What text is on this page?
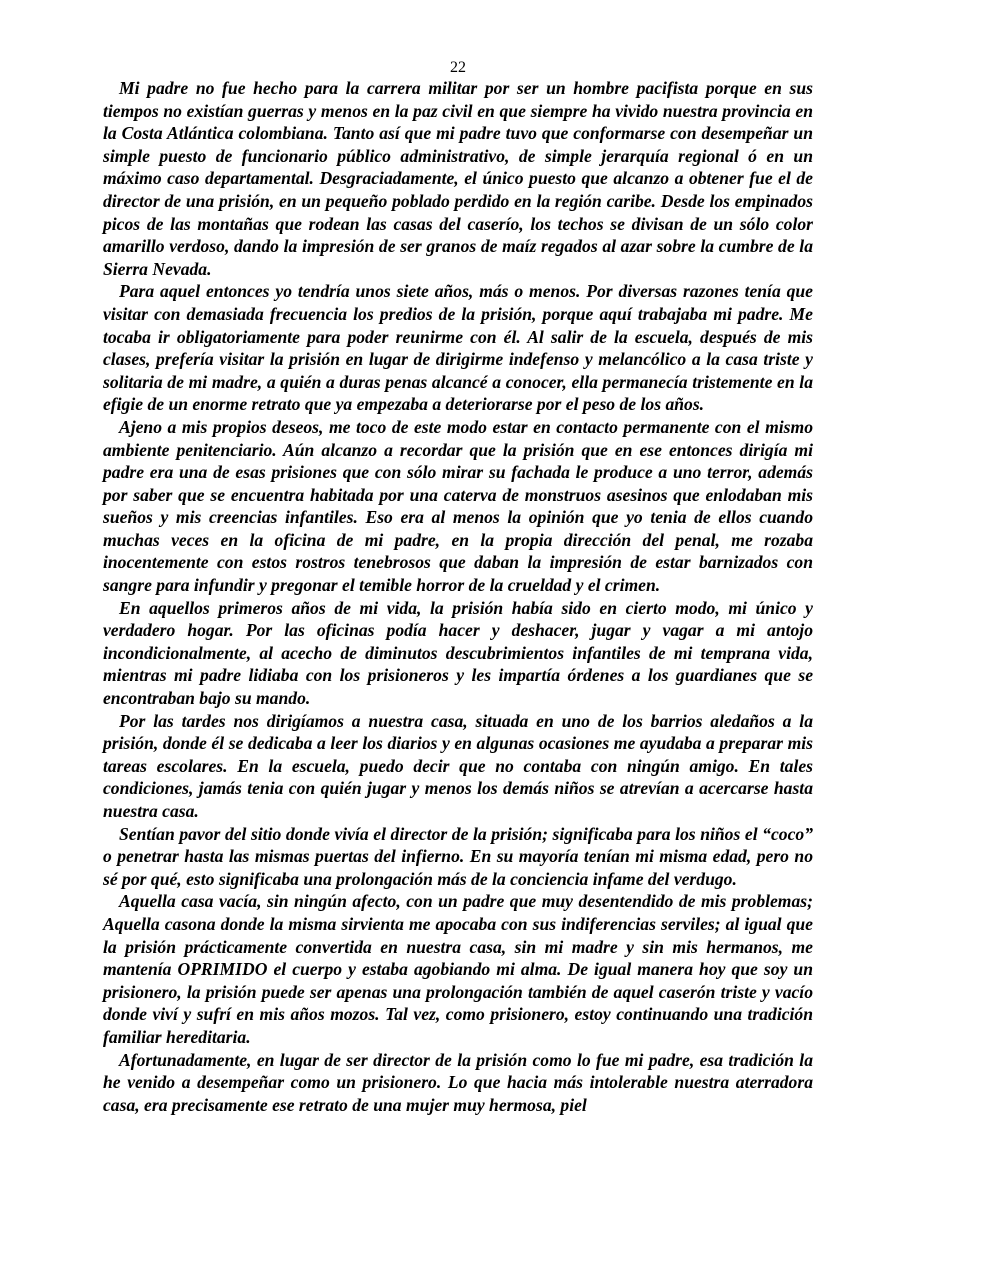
22

Mi padre no fue hecho para la carrera militar por ser un hombre pacifista porque en sus tiempos no existían guerras y menos en la paz civil en que siempre ha vivido nuestra provincia en la Costa Atlántica colombiana. Tanto así que mi padre tuvo que conformarse con desempeñar un simple puesto de funcionario público administrativo, de simple jerarquía regional ó en un máximo caso departamental. Desgraciadamente, el único puesto que alcanzo a obtener fue el de director de una prisión, en un pequeño poblado perdido en la región caribe. Desde los empinados picos de las montañas que rodean las casas del caserío, los techos se divisan de un sólo color amarillo verdoso, dando la impresión de ser granos de maíz regados al azar sobre la cumbre de la Sierra Nevada.

Para aquel entonces yo tendría unos siete años, más o menos. Por diversas razones tenía que visitar con demasiada frecuencia los predios de la prisión, porque aquí trabajaba mi padre. Me tocaba ir obligatoriamente para poder reunirme con él. Al salir de la escuela, después de mis clases, prefería visitar la prisión en lugar de dirigirme indefenso y melancólico a la casa triste y solitaria de mi madre, a quién a duras penas alcancé a conocer, ella permanecía tristemente en la efigie de un enorme retrato que ya empezaba a deteriorarse por el peso de los años.

Ajeno a mis propios deseos, me toco de este modo estar en contacto permanente con el mismo ambiente penitenciario. Aún alcanzo a recordar que la prisión que en ese entonces dirigía mi padre era una de esas prisiones que con sólo mirar su fachada le produce a uno terror, además por saber que se encuentra habitada por una caterva de monstruos asesinos que enlodaban mis sueños y mis creencias infantiles. Eso era al menos la opinión que yo tenia de ellos cuando muchas veces en la oficina de mi padre, en la propia dirección del penal, me rozaba inocentemente con estos rostros tenebrosos que daban la impresión de estar barnizados con sangre para infundir y pregonar el temible horror de la crueldad y el crimen.

En aquellos primeros años de mi vida, la prisión había sido en cierto modo, mi único y verdadero hogar. Por las oficinas podía hacer y deshacer, jugar y vagar a mi antojo incondicionalmente, al acecho de diminutos descubrimientos infantiles de mi temprana vida, mientras mi padre lidiaba con los prisioneros y les impartía órdenes a los guardianes que se encontraban bajo su mando.

Por las tardes nos dirigíamos a nuestra casa, situada en uno de los barrios aledaños a la prisión, donde él se dedicaba a leer los diarios y en algunas ocasiones me ayudaba a preparar mis tareas escolares. En la escuela, puedo decir que no contaba con ningún amigo. En tales condiciones, jamás tenia con quién jugar y menos los demás niños se atrevían a acercarse hasta nuestra casa.

Sentían pavor del sitio donde vivía el director de la prisión; significaba para los niños el “coco” o penetrar hasta las mismas puertas del infierno. En su mayoría tenían mi misma edad, pero no sé por qué, esto significaba una prolongación más de la conciencia infame del verdugo.

Aquella casa vacía, sin ningún afecto, con un padre que muy desentendido de mis problemas; Aquella casona donde la misma sirvienta me apocaba con sus indiferencias serviles; al igual que la prisión prácticamente convertida en nuestra casa, sin mi madre y sin mis hermanos, me mantenía OPRIMIDO el cuerpo y estaba agobiando mi alma. De igual manera hoy que soy un prisionero, la prisión puede ser apenas una prolongación también de aquel caserón triste y vacío donde viví y sufrí en mis años mozos. Tal vez, como prisionero, estoy continuando una tradición familiar hereditaria.

Afortunadamente, en lugar de ser director de la prisión como lo fue mi padre, esa tradición la he venido a desempeñar como un prisionero. Lo que hacia más intolerable nuestra aterradora casa, era precisamente ese retrato de una mujer muy hermosa, piel
